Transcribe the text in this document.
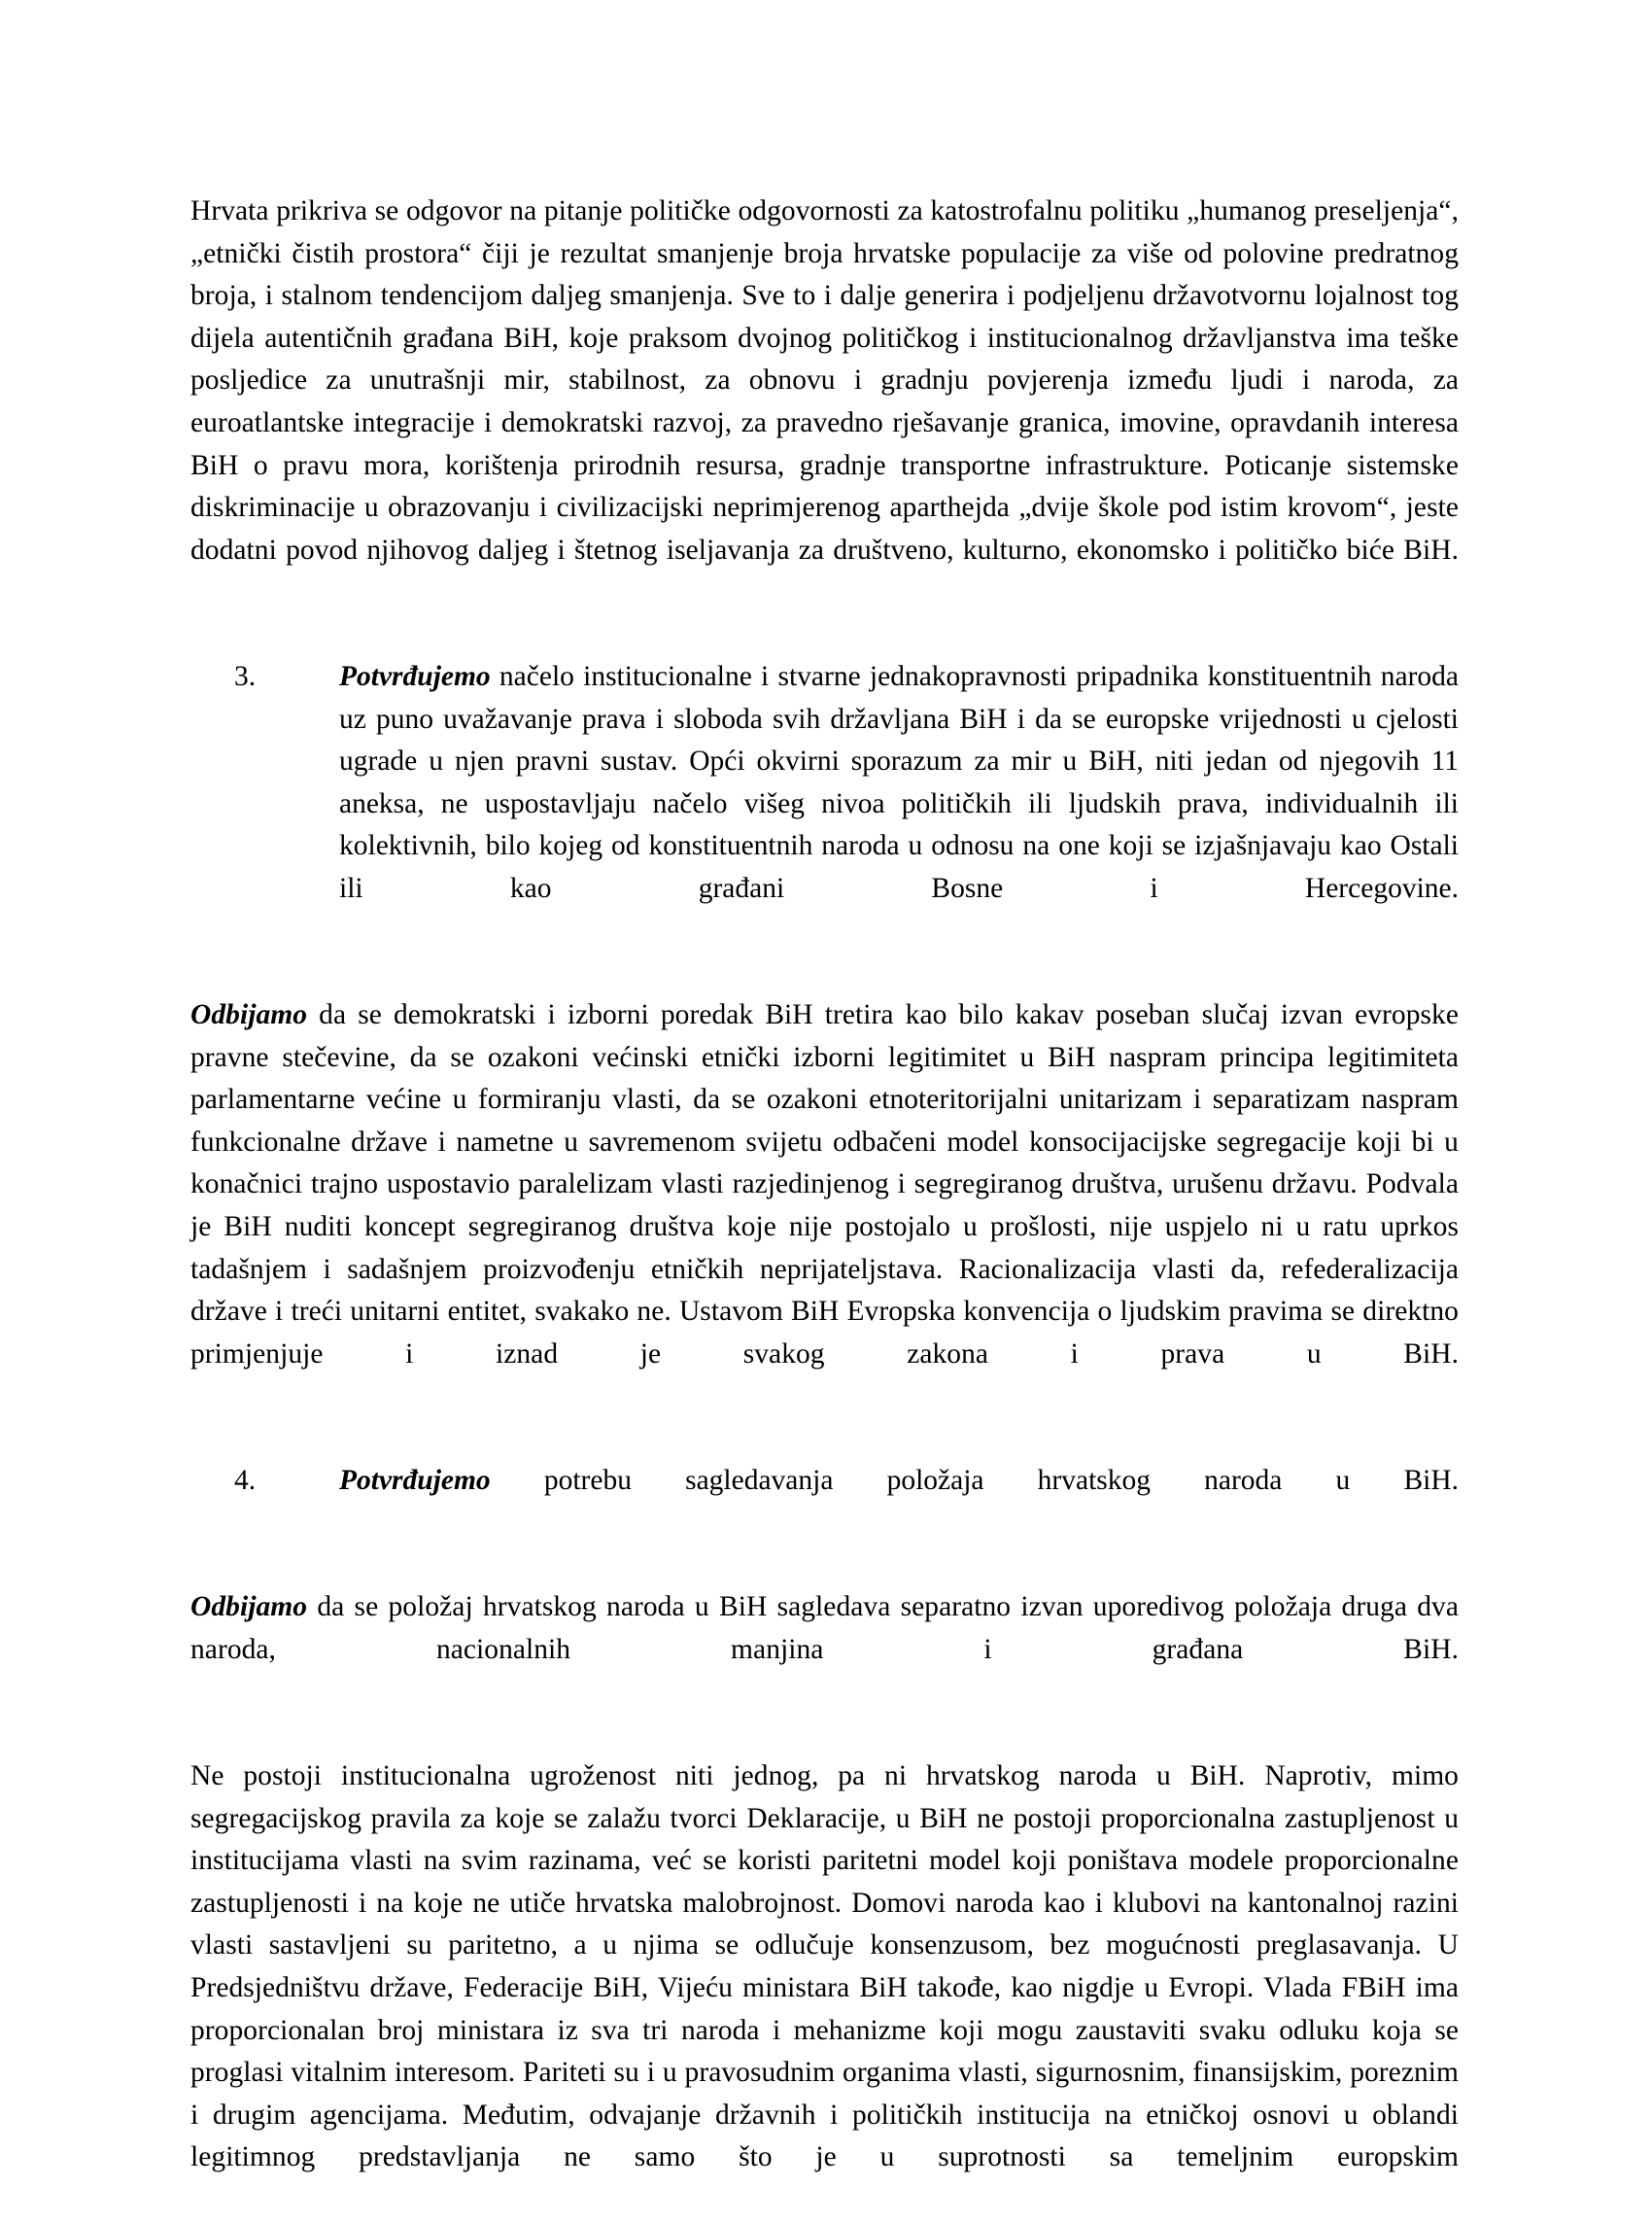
Hrvata prikriva se odgovor na pitanje političke odgovornosti za katostrofalnu politiku „humanog preseljenja“, „etnički čistih prostora“ čiji je rezultat smanjenje broja hrvatske populacije za više od polovine predratnog broja, i stalnom tendencijom daljeg smanjenja. Sve to i dalje generira i podjeljenu državotvornu lojalnost tog dijela autentičnih građana BiH, koje praksom dvojnog političkog i institucionalnog državljanstva ima teške posljedice za unutrašnji mir, stabilnost, za obnovu i gradnju povjerenja između ljudi i naroda, za euroatlantske integracije i demokratski razvoj, za pravedno rješavanje granica, imovine, opravdanih interesa BiH o pravu mora, korištenja prirodnih resursa, gradnje transportne infrastrukture. Poticanje sistemske diskriminacije u obrazovanju i civilizacijski neprimjerenog aparthejda „dvije škole pod istim krovom“, jeste dodatni povod njihovog daljeg i štetnog iseljavanja za društveno, kulturno, ekonomsko i političko biće BiH.

3.	Potvrđujemo načelo institucionalne i stvarne jednakopravnosti pripadnika konstituentnih naroda uz puno uvažavanje prava i sloboda svih državljana BiH i da se europske vrijednosti u cjelosti ugrade u njen pravni sustav. Opći okvirni sporazum za mir u BiH, niti jedan od njegovih 11 aneksa, ne uspostavljaju načelo višeg nivoa političkih ili ljudskih prava, individualnih ili kolektivnih, bilo kojeg od konstituentnih naroda u odnosu na one koji se izjašnjavaju kao Ostali ili kao građani Bosne i Hercegovine.

Odbijamo da se demokratski i izborni poredak BiH tretira kao bilo kakav poseban slučaj izvan evropske pravne stečevine, da se ozakoni većinski etnički izborni legitimitet u BiH naspram principa legitimiteta parlamentarne većine u formiranju vlasti, da se ozakoni etnoteritorijalni unitarizam i separatizam naspram funkcionalne države i nametne u savremenom svijetu odbačeni model konsocijacijske segregacije koji bi u konačnici trajno uspostavio paralelizam vlasti razjedinjenog i segregiranog društva, urušenu državu. Podvala je BiH nuditi koncept segregiranog društva koje nije postojalo u prošlosti, nije uspjelo ni u ratu uprkos tadašnjem i sadašnjem proizvođenju etničkih neprijateljstava. Racionalizacija vlasti da, refederalizacija države i treći unitarni entitet, svakako ne. Ustavom BiH Evropska konvencija o ljudskim pravima se direktno primjenjuje i iznad je svakog zakona i prava u BiH.

4.	Potvrđujemo potrebu sagledavanja položaja hrvatskog naroda u BiH.

Odbijamo da se položaj hrvatskog naroda u BiH sagledava separatno izvan uporedivog položaja druga dva naroda, nacionalnih manjina i građana BiH.

Ne postoji institucionalna ugroženost niti jednog, pa ni hrvatskog naroda u BiH. Naprotiv, mimo segregacijskog pravila za koje se zalažu tvorci Deklaracije, u BiH ne postoji proporcionalna zastupljenost u institucijama vlasti na svim razinama, već se koristi paritetni model koji poništava modele proporcionalne zastupljenosti i na koje ne utiče hrvatska malobrojnost. Domovi naroda kao i klubovi na kantonalnoj razini vlasti sastavljeni su paritetno, a u njima se odlučuje konsenzusom, bez mogućnosti preglasavanja. U Predsjedništvu države, Federacije BiH, Vijeću ministara BiH takođe, kao nigdje u Evropi. Vlada FBiH ima proporcionalan broj ministara iz sva tri naroda i mehanizme koji mogu zaustaviti svaku odluku koja se proglasi vitalnim interesom. Pariteti su i u pravosudnim organima vlasti, sigurnosnim, finansijskim, poreznim i drugim agencijama. Međutim, odvajanje državnih i političkih institucija na etničkoj osnovi u oblandi legitimnog predstavljanja ne samo što je u suprotnosti sa temeljnim europskim
